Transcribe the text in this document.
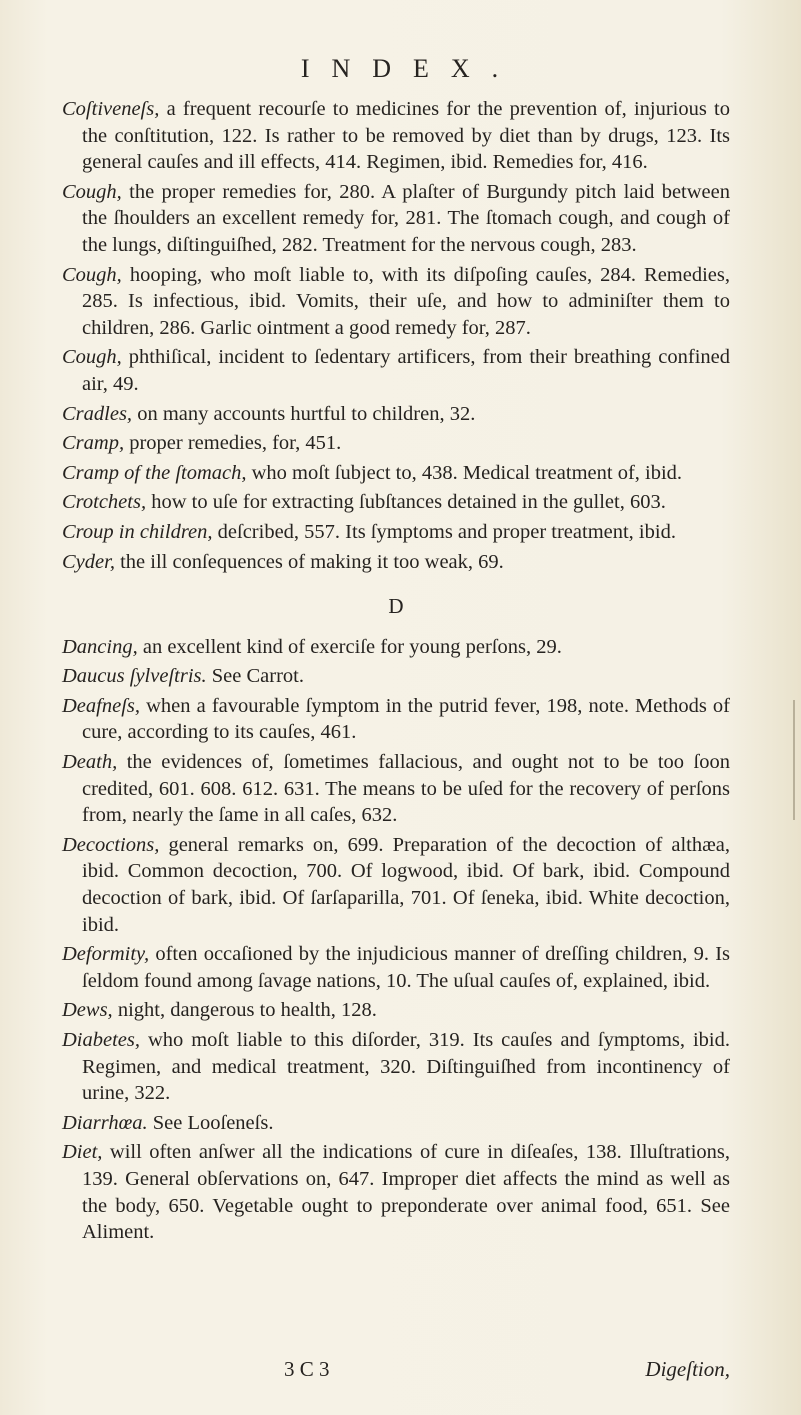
INDEX.

Coſtiveneſs, a frequent recourſe to medicines for the prevention of, injurious to the conſtitution, 122. Is rather to be removed by diet than by drugs, 123. Its general cauſes and ill effects, 414. Regimen, ibid. Remedies for, 416.

Cough, the proper remedies for, 280. A plaſter of Burgundy pitch laid between the ſhoulders an excellent remedy for, 281. The ſtomach cough, and cough of the lungs, diſtinguiſhed, 282. Treatment for the nervous cough, 283.

Cough, hooping, who moſt liable to, with its diſpoſing cauſes, 284. Remedies, 285. Is infectious, ibid. Vomits, their uſe, and how to adminiſter them to children, 286. Garlic ointment a good remedy for, 287.

Cough, phthiſical, incident to ſedentary artificers, from their breathing confined air, 49.

Cradles, on many accounts hurtful to children, 32.

Cramp, proper remedies, for, 451.

Cramp of the ſtomach, who moſt ſubject to, 438. Medical treatment of, ibid.

Crotchets, how to uſe for extracting ſubſtances detained in the gullet, 603.

Croup in children, deſcribed, 557. Its ſymptoms and proper treatment, ibid.

Cyder, the ill conſequences of making it too weak, 69.

D

Dancing, an excellent kind of exerciſe for young perſons, 29.

Daucus ſylveſtris. See Carrot.

Deafneſs, when a favourable ſymptom in the putrid fever, 198, note. Methods of cure, according to its cauſes, 461.

Death, the evidences of, ſometimes fallacious, and ought not to be too ſoon credited, 601. 608. 612. 631. The means to be uſed for the recovery of perſons from, nearly the ſame in all caſes, 632.

Decoctions, general remarks on, 699. Preparation of the decoction of althæa, ibid. Common decoction, 700. Of logwood, ibid. Of bark, ibid. Compound decoction of bark, ibid. Of ſarſaparilla, 701. Of ſeneka, ibid. White decoction, ibid.

Deformity, often occaſioned by the injudicious manner of dreſſing children, 9. Is ſeldom found among ſavage nations, 10. The uſual cauſes of, explained, ibid.

Dews, night, dangerous to health, 128.

Diabetes, who moſt liable to this diſorder, 319. Its cauſes and ſymptoms, ibid. Regimen, and medical treatment, 320. Diſtinguiſhed from incontinency of urine, 322.

Diarrhœa. See Looſeneſs.

Diet, will often anſwer all the indications of cure in diſeaſes, 138. Illuſtrations, 139. General obſervations on, 647. Improper diet affects the mind as well as the body, 650. Vegetable ought to preponderate over animal food, 651. See Aliment.

3 C 3	Digeſtion,
